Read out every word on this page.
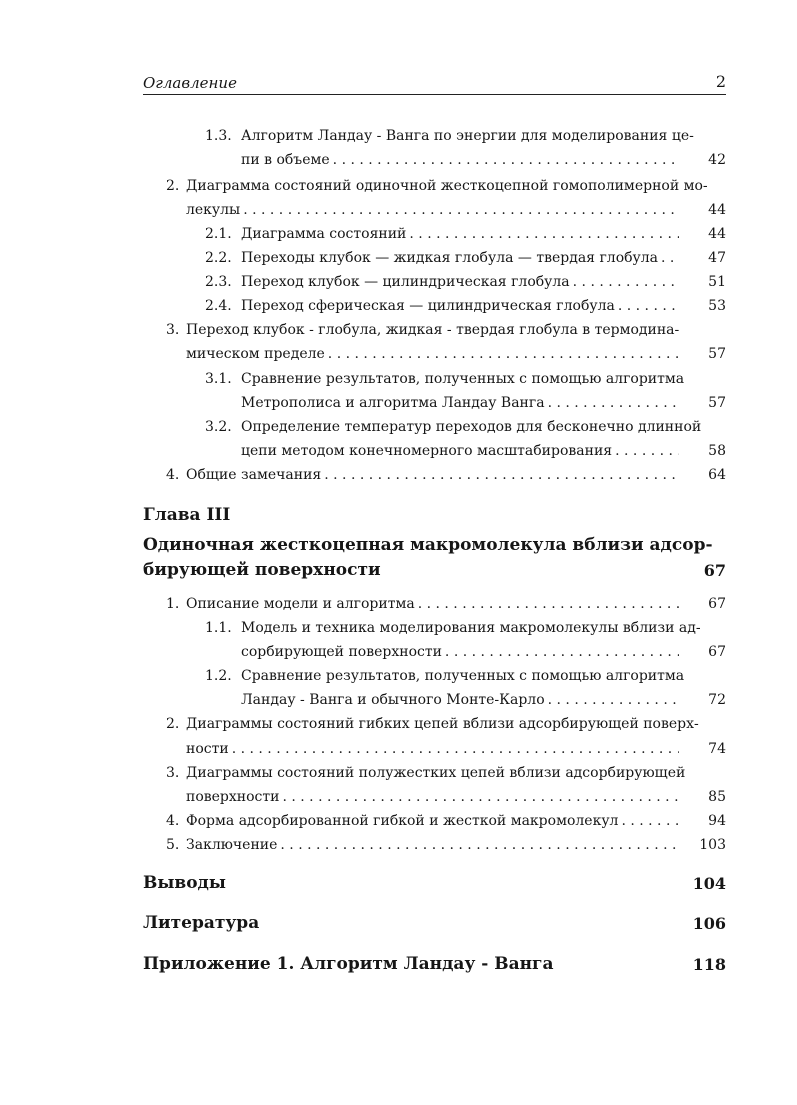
Оглавление	2
1.3. Алгоритм Ландау - Ванга по энергии для моделирования це-
пи в объеме . . .	42
2. Диаграмма состояний одиночной жесткоцепной гомополимерной мо-
лекулы . . .	44
2.1. Диаграмма состояний . . .	44
2.2. Переходы клубок — жидкая глобула — твердая глобула . . .	47
2.3. Переход клубок — цилиндрическая глобула . . .	51
2.4. Переход сферическая — цилиндрическая глобула . . .	53
3. Переход клубок - глобула, жидкая - твердая глобула в термодина-
мическом пределе . . .	57
3.1. Сравнение результатов, полученных с помощью алгоритма
Метрополиса и алгоритма Ландау Ванга . . .	57
3.2. Определение температур переходов для бесконечно длинной
цепи методом конечномерного масштабирования . . .	58
4. Общие замечания . . .	64
Глава III
Одиночная жесткоцепная макромолекула вблизи адсор-
бирующей поверхности	67
1. Описание модели и алгоритма . . .	67
1.1. Модель и техника моделирования макромолекулы вблизи ад-
сорбирующей поверхности . . .	67
1.2. Сравнение результатов, полученных с помощью алгоритма
Ландау - Ванга и обычного Монте-Карло . . .	72
2. Диаграммы состояний гибких цепей вблизи адсорбирующей поверх-
ности . . .	74
3. Диаграммы состояний полужестких цепей вблизи адсорбирующей
поверхности . . .	85
4. Форма адсорбированной гибкой и жесткой макромолекул . . .	94
5. Заключение . . .	103
Выводы	104
Литература	106
Приложение 1. Алгоритм Ландау - Ванга	118
